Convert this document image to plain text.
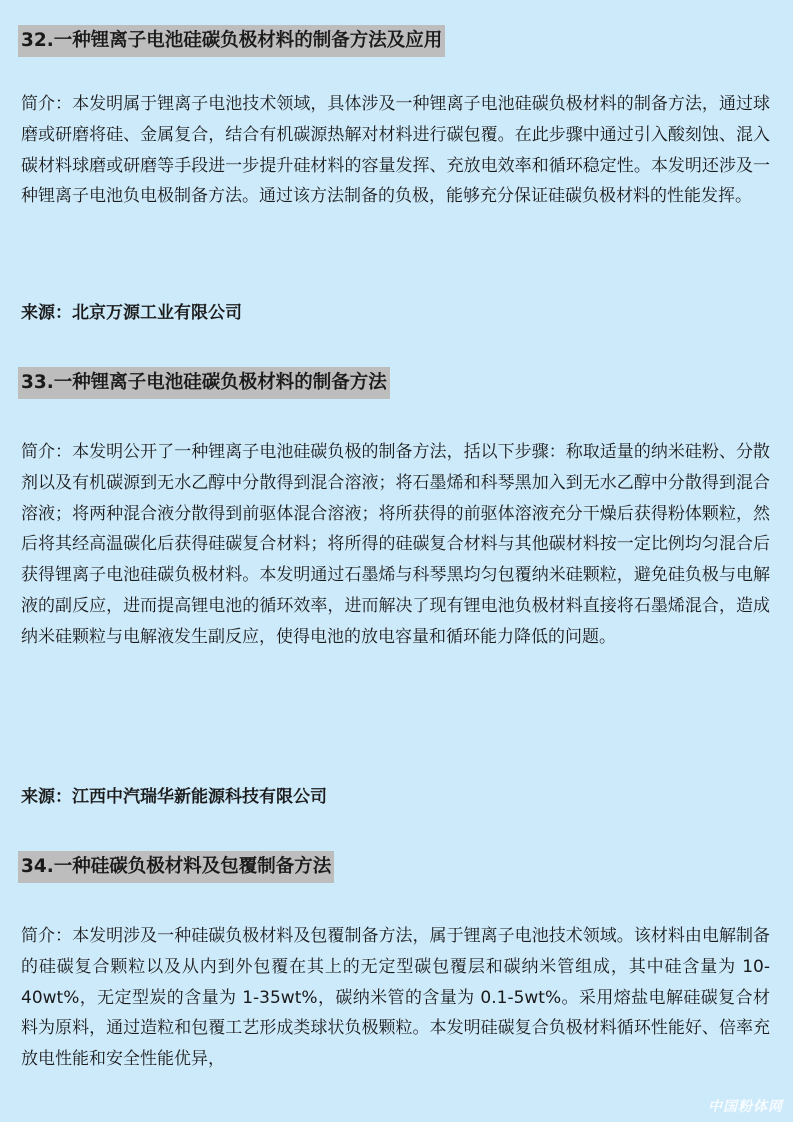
32.一种锂离子电池硅碳负极材料的制备方法及应用

简介：本发明属于锂离子电池技术领域，具体涉及一种锂离子电池硅碳负极材料的制备方法，通过球磨或研磨将硅、金属复合，结合有机碳源热解对材料进行碳包覆。在此步骤中通过引入酸刻蚀、混入碳材料球磨或研磨等手段进一步提升硅材料的容量发挥、充放电效率和循环稳定性。本发明还涉及一种锂离子电池负电极制备方法。通过该方法制备的负极，能够充分保证硅碳负极材料的性能发挥。

来源：北京万源工业有限公司
33.一种锂离子电池硅碳负极材料的制备方法

简介：本发明公开了一种锂离子电池硅碳负极的制备方法，括以下步骤：称取适量的纳米硅粉、分散剂以及有机碳源到无水乙醇中分散得到混合溶液；将石墨烯和科琴黑加入到无水乙醇中分散得到混合溶液；将两种混合液分散得到前驱体混合溶液；将所获得的前驱体溶液充分干燥后获得粉体颗粒，然后将其经高温碳化后获得硅碳复合材料；将所得的硅碳复合材料与其他碳材料按一定比例均匀混合后获得锂离子电池硅碳负极材料。本发明通过石墨烯与科琴黑均匀包覆纳米硅颗粒，避免硅负极与电解液的副反应，进而提高锂电池的循环效率，进而解决了现有锂电池负极材料直接将石墨烯混合，造成纳米硅颗粒与电解液发生副反应，使得电池的放电容量和循环能力降低的问题。

来源：江西中汽瑞华新能源科技有限公司
34.一种硅碳负极材料及包覆制备方法

简介：本发明涉及一种硅碳负极材料及包覆制备方法，属于锂离子电池技术领域。该材料由电解制备的硅碳复合颗粒以及从内到外包覆在其上的无定型碳包覆层和碳纳米管组成，其中硅含量为 10-40wt%，无定型炭的含量为 1-35wt%，碳纳米管的含量为 0.1-5wt%。采用熔盐电解硅碳复合材料为原料，通过造粒和包覆工艺形成类球状负极颗粒。本发明硅碳复合负极材料循环性能好、倍率充放电性能和安全性能优异，

中国粉体网
